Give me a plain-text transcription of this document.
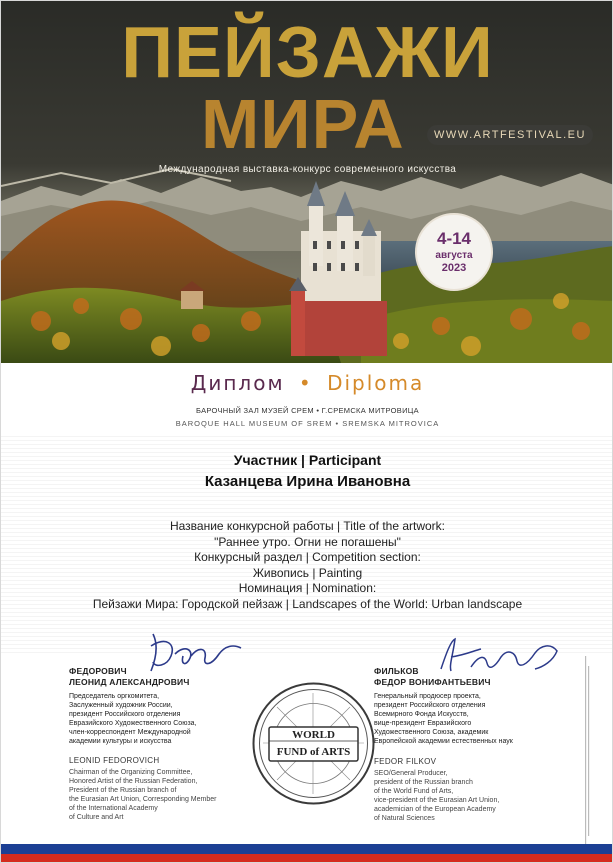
ПЕЙЗАЖИ
МИРА	WWW.ARTFESTIVAL.EU
Международная выставка-конкурс современного искусства
4-14
августа
2023
Диплом • Diploma
БАРОЧНЫЙ ЗАЛ МУЗЕЙ СРЕМ • Г.СРЕМСКА МИТРОВИЦА
BAROQUE HALL MUSEUM OF SREM • SREMSKA MITROVICA
Участник | Participant
Казанцева Ирина Ивановна
Название конкурсной работы | Title of the artwork:
"Раннее утро. Огни не погашены"
Конкурсный раздел | Competition section:
Живопись | Painting
Номинация | Nomination:
Пейзажи Мира: Городской пейзаж | Landscapes of the World: Urban landscape
ФЕДОРОВИЧ
ЛЕОНИД АЛЕКСАНДРОВИЧ
Председатель оргкомитета,
Заслуженный художник России,
президент Российского отделения
Евразийского Художественного Союза,
член-корреспондент Международной
академии культуры и искусства
LEONID FEDOROVICH
Chairman of the Organizing Committee,
Honored Artist of the Russian Federation,
President of the Russian branch of
the Eurasian Art Union, Corresponding Member
of the International Academy
of Culture and Art
ФИЛЬКОВ
ФЕДОР ВОНИФАНТЬЕВИЧ
Генеральный продюсер проекта,
президент Российского отделения
Всемирного Фонда Искусств,
вице-президент Евразийского
Художественного Союза, академик
Европейской академии естественных наук
FEDOR FILKOV
SEO/General Producer,
president of the Russian branch
of the World Fund of Arts,
vice-president of the Eurasian Art Union,
academician of the European Academy
of Natural Sciences
WORLD
FUND of ARTS
